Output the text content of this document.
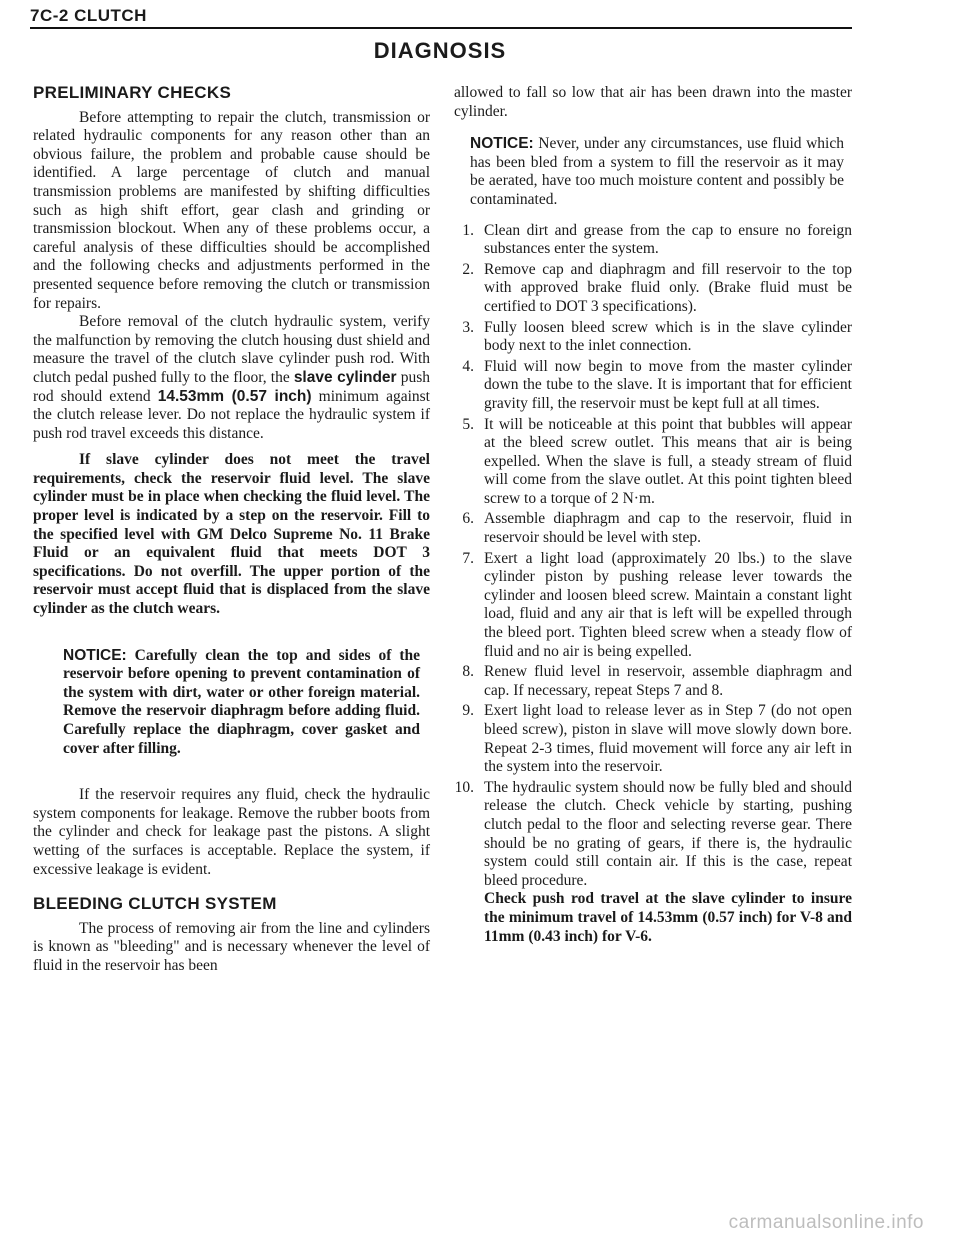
7C-2 CLUTCH
DIAGNOSIS
PRELIMINARY CHECKS

Before attempting to repair the clutch, transmission or related hydraulic components for any reason other than an obvious failure, the problem and probable cause should be identified. A large percentage of clutch and manual transmission problems are manifested by shifting difficulties such as high shift effort, gear clash and grinding or transmission blockout. When any of these problems occur, a careful analysis of these difficulties should be accomplished and the following checks and adjustments performed in the presented sequence before removing the clutch or transmission for repairs.

Before removal of the clutch hydraulic system, verify the malfunction by removing the clutch housing dust shield and measure the travel of the clutch slave cylinder push rod. With clutch pedal pushed fully to the floor, the slave cylinder push rod should extend 14.53mm (0.57 inch) minimum against the clutch release lever. Do not replace the hydraulic system if push rod travel exceeds this distance.

If slave cylinder does not meet the travel requirements, check the reservoir fluid level. The slave cylinder must be in place when checking the fluid level. The proper level is indicated by a step on the reservoir. Fill to the specified level with GM Delco Supreme No. 11 Brake Fluid or an equivalent fluid that meets DOT 3 specifications. Do not overfill. The upper portion of the reservoir must accept fluid that is displaced from the slave cylinder as the clutch wears.

NOTICE: Carefully clean the top and sides of the reservoir before opening to prevent contamination of the system with dirt, water or other foreign material. Remove the reservoir diaphragm before adding fluid. Carefully replace the diaphragm, cover gasket and cover after filling.

If the reservoir requires any fluid, check the hydraulic system components for leakage. Remove the rubber boots from the cylinder and check for leakage past the pistons. A slight wetting of the surfaces is acceptable. Replace the system, if excessive leakage is evident.

BLEEDING CLUTCH SYSTEM

The process of removing air from the line and cylinders is known as "bleeding" and is necessary whenever the level of fluid in the reservoir has been

allowed to fall so low that air has been drawn into the master cylinder.

NOTICE: Never, under any circumstances, use fluid which has been bled from a system to fill the reservoir as it may be aerated, have too much moisture content and possibly be contaminated.

1. Clean dirt and grease from the cap to ensure no foreign substances enter the system.
2. Remove cap and diaphragm and fill reservoir to the top with approved brake fluid only. (Brake fluid must be certified to DOT 3 specifications).
3. Fully loosen bleed screw which is in the slave cylinder body next to the inlet connection.
4. Fluid will now begin to move from the master cylinder down the tube to the slave. It is important that for efficient gravity fill, the reservoir must be kept full at all times.
5. It will be noticeable at this point that bubbles will appear at the bleed screw outlet. This means that air is being expelled. When the slave is full, a steady stream of fluid will come from the slave outlet. At this point tighten bleed screw to a torque of 2 N·m.
6. Assemble diaphragm and cap to the reservoir, fluid in reservoir should be level with step.
7. Exert a light load (approximately 20 lbs.) to the slave cylinder piston by pushing release lever towards the cylinder and loosen bleed screw. Maintain a constant light load, fluid and any air that is left will be expelled through the bleed port. Tighten bleed screw when a steady flow of fluid and no air is being expelled.
8. Renew fluid level in reservoir, assemble diaphragm and cap. If necessary, repeat Steps 7 and 8.
9. Exert light load to release lever as in Step 7 (do not open bleed screw), piston in slave will move slowly down bore. Repeat 2-3 times, fluid movement will force any air left in the system into the reservoir.
10. The hydraulic system should now be fully bled and should release the clutch. Check vehicle by starting, pushing clutch pedal to the floor and selecting reverse gear. There should be no grating of gears, if there is, the hydraulic system could still contain air. If this is the case, repeat bleed procedure.

Check push rod travel at the slave cylinder to insure the minimum travel of 14.53mm (0.57 inch) for V-8 and 11mm (0.43 inch) for V-6.

carmanualsonline.info
